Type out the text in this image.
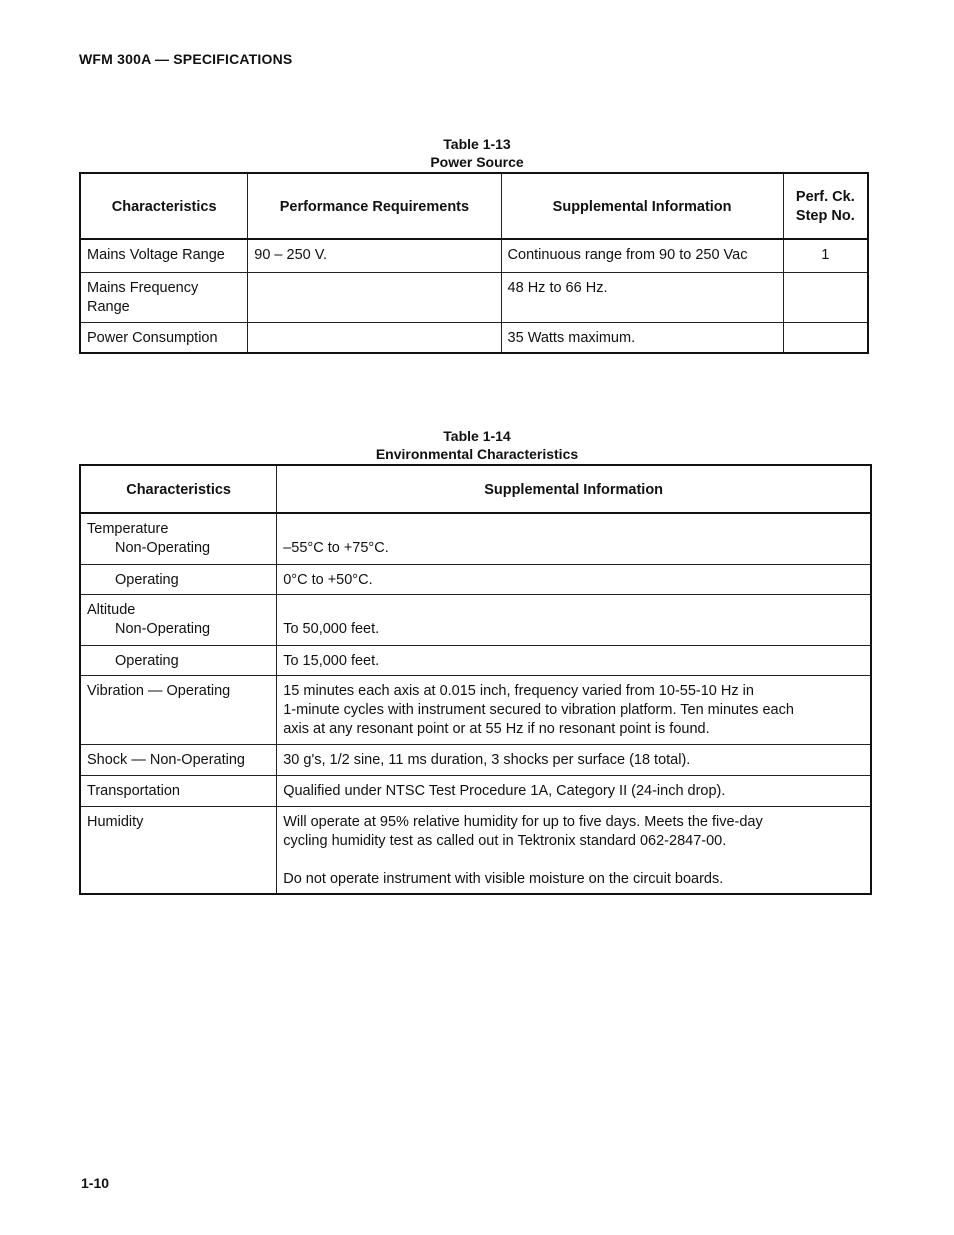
WFM 300A — SPECIFICATIONS
Table 1-13
Power Source
Characteristics	Performance Requirements	Supplemental Information	Perf. Ck.
Step No.
Mains Voltage Range	90 – 250 V.	Continuous range from 90 to 250 Vac	1
Mains Frequency
Range		48 Hz to 66 Hz.	
Power Consumption		35 Watts maximum.	
Table 1-14
Environmental Characteristics
Characteristics	Supplemental Information
Temperature
Non-Operating	–55°C to +75°C.
Operating	0°C to +50°C.
Altitude
Non-Operating	To 50,000 feet.
Operating	To 15,000 feet.
Vibration — Operating	15 minutes each axis at 0.015 inch, frequency varied from 10-55-10 Hz in
1-minute cycles with instrument secured to vibration platform. Ten minutes each
axis at any resonant point or at 55 Hz if no resonant point is found.
Shock — Non-Operating	30 g's, 1/2 sine, 11 ms duration, 3 shocks per surface (18 total).
Transportation	Qualified under NTSC Test Procedure 1A, Category II (24-inch drop).
Humidity	Will operate at 95% relative humidity for up to five days. Meets the five-day
cycling humidity test as called out in Tektronix standard 062-2847-00.
Do not operate instrument with visible moisture on the circuit boards.
1-10
